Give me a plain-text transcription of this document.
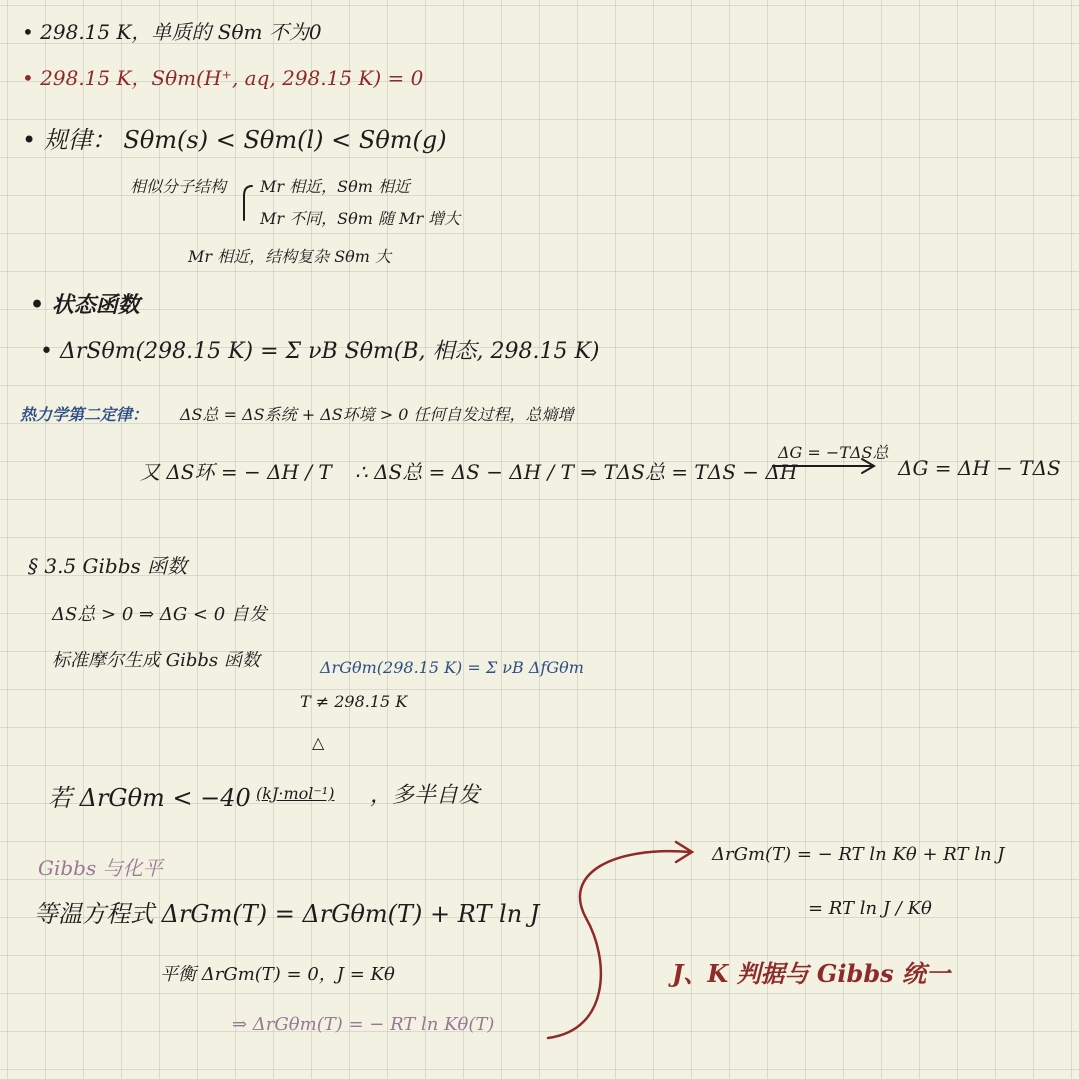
• 298.15 K，单质的 Sθm 不为0
• 298.15 K，Sθm(H⁺, aq, 298.15 K) = 0
• 规律： Sθm(s) < Sθm(l) < Sθm(g)
相似分子结构 Mr 相近，Sθm 相近
Mr 不同，Sθm 随 Mr 增大
Mr 相近，结构复杂 Sθm 大
• 状态函数
• ΔrSθm(298.15 K) = Σ νB Sθm(B, 相态, 298.15 K)
热力学第二定律： ΔS总 = ΔS系统 + ΔS环境 > 0 任何自发过程，总熵增
又 ΔS环 = − ΔH / T ∴ ΔS总 = ΔS − ΔH / T ⇒ TΔS总 = TΔS − ΔH
ΔG = −TΔS总
ΔG = ΔH − TΔS
§ 3.5 Gibbs 函数
ΔS总 > 0 ⇒ ΔG < 0 自发
标准摩尔生成 Gibbs 函数	ΔrGθm(298.15 K) = Σ νB ΔfGθm
T ≠ 298.15 K
△
若 ΔrGθm < −40 (kJ·mol⁻¹) ，多半自发
Gibbs 与化平
等温方程式 ΔrGm(T) = ΔrGθm(T) + RT ln J
平衡 ΔrGm(T) = 0，J = Kθ
⇒ ΔrGθm(T) = − RT ln Kθ(T)
ΔrGm(T) = − RT ln Kθ + RT ln J
= RT ln J / Kθ
J、K 判据与 Gibbs 统一
